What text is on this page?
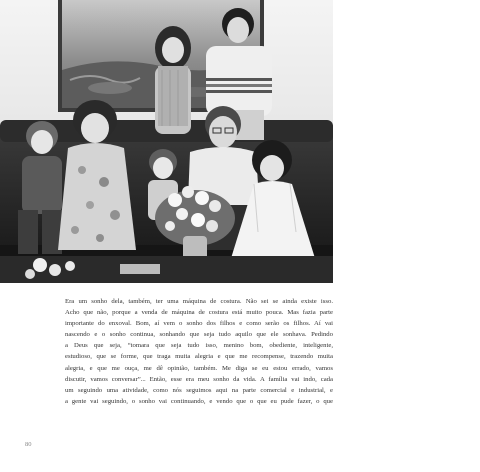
Era um sonho dela, também, ter uma máquina de costura. Não sei se ainda existe isso.
Acho que não, porque a venda de máquina de costura está muito pouca. Mas fazia parte
importante do enxoval. Bom, aí vem o sonho dos filhos e como serão os filhos. Aí vai
nascendo e o sonho continua, sonhando que seja tudo aquilo que ele sonhava. Pedindo
a Deus que seja, “tomara que seja tudo isso, menino bom, obediente, inteligente,
estudioso, que se forme, que traga muita alegria e que me recompense, trazendo muita
alegria, e que me ouça, me dê opinião, também. Me diga se eu estou errado, vamos
discutir, vamos conversar”... Então, esse era meu sonho da vida. A família vai indo, cada
um seguindo uma atividade, como nós seguimos aqui na parte comercial e industrial, e
a gente vai seguindo, o sonho vai continuando, e vendo que o que eu pude fazer, o que
80
